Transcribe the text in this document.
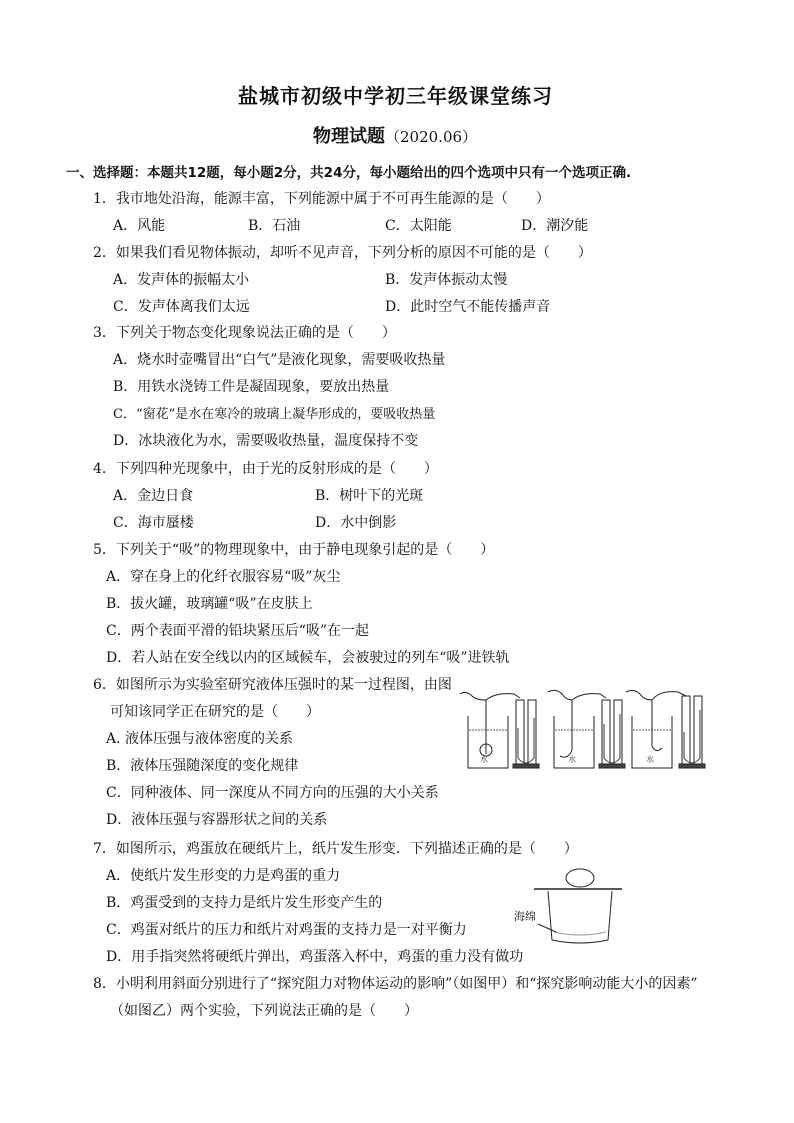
盐城市初级中学初三年级课堂练习
物理试题（2020.06）
一、选择题：本题共12题，每小题2分，共24分，每小题给出的四个选项中只有一个选项正确.
1．我市地处沿海，能源丰富，下列能源中属于不可再生能源的是（　　）
A．风能	B．石油	C．太阳能	D．潮汐能
2．如果我们看见物体振动，却听不见声音，下列分析的原因不可能的是（　　）
A．发声体的振幅太小	B．发声体振动太慢
C．发声体离我们太远	D．此时空气不能传播声音
3．下列关于物态变化现象说法正确的是（　　）
A．烧水时壶嘴冒出“白气”是液化现象，需要吸收热量
B．用铁水浇铸工件是凝固现象，要放出热量
C．“窗花”是水在寒冷的玻璃上凝华形成的，要吸收热量
D．冰块液化为水，需要吸收热量，温度保持不变
4．下列四种光现象中，由于光的反射形成的是（　　）
A．金边日食	B．树叶下的光斑
C．海市蜃楼	D．水中倒影
5．下列关于“吸”的物理现象中，由于静电现象引起的是（　　）
A．穿在身上的化纤衣服容易“吸”灰尘
B．拔火罐，玻璃罐“吸”在皮肤上
C．两个表面平滑的铅块紧压后“吸”在一起
D．若人站在安全线以内的区域候车，会被驶过的列车“吸”进铁轨
6．如图所示为实验室研究液体压强时的某一过程图，由图
可知该同学正在研究的是（　　）
A. 液体压强与液体密度的关系
B．液体压强随深度的变化规律
C．同种液体、同一深度从不同方向的压强的大小关系
D．液体压强与容器形状之间的关系
水	水	水
7．如图所示，鸡蛋放在硬纸片上，纸片发生形变．下列描述正确的是（　　）
A．使纸片发生形变的力是鸡蛋的重力
B．鸡蛋受到的支持力是纸片发生形变产生的
C．鸡蛋对纸片的压力和纸片对鸡蛋的支持力是一对平衡力
D．用手指突然将硬纸片弹出，鸡蛋落入杯中，鸡蛋的重力没有做功
海绵
8．小明利用斜面分别进行了“探究阻力对物体运动的影响”（如图甲）和“探究影响动能大小的因素”
（如图乙）两个实验，下列说法正确的是（　　）
